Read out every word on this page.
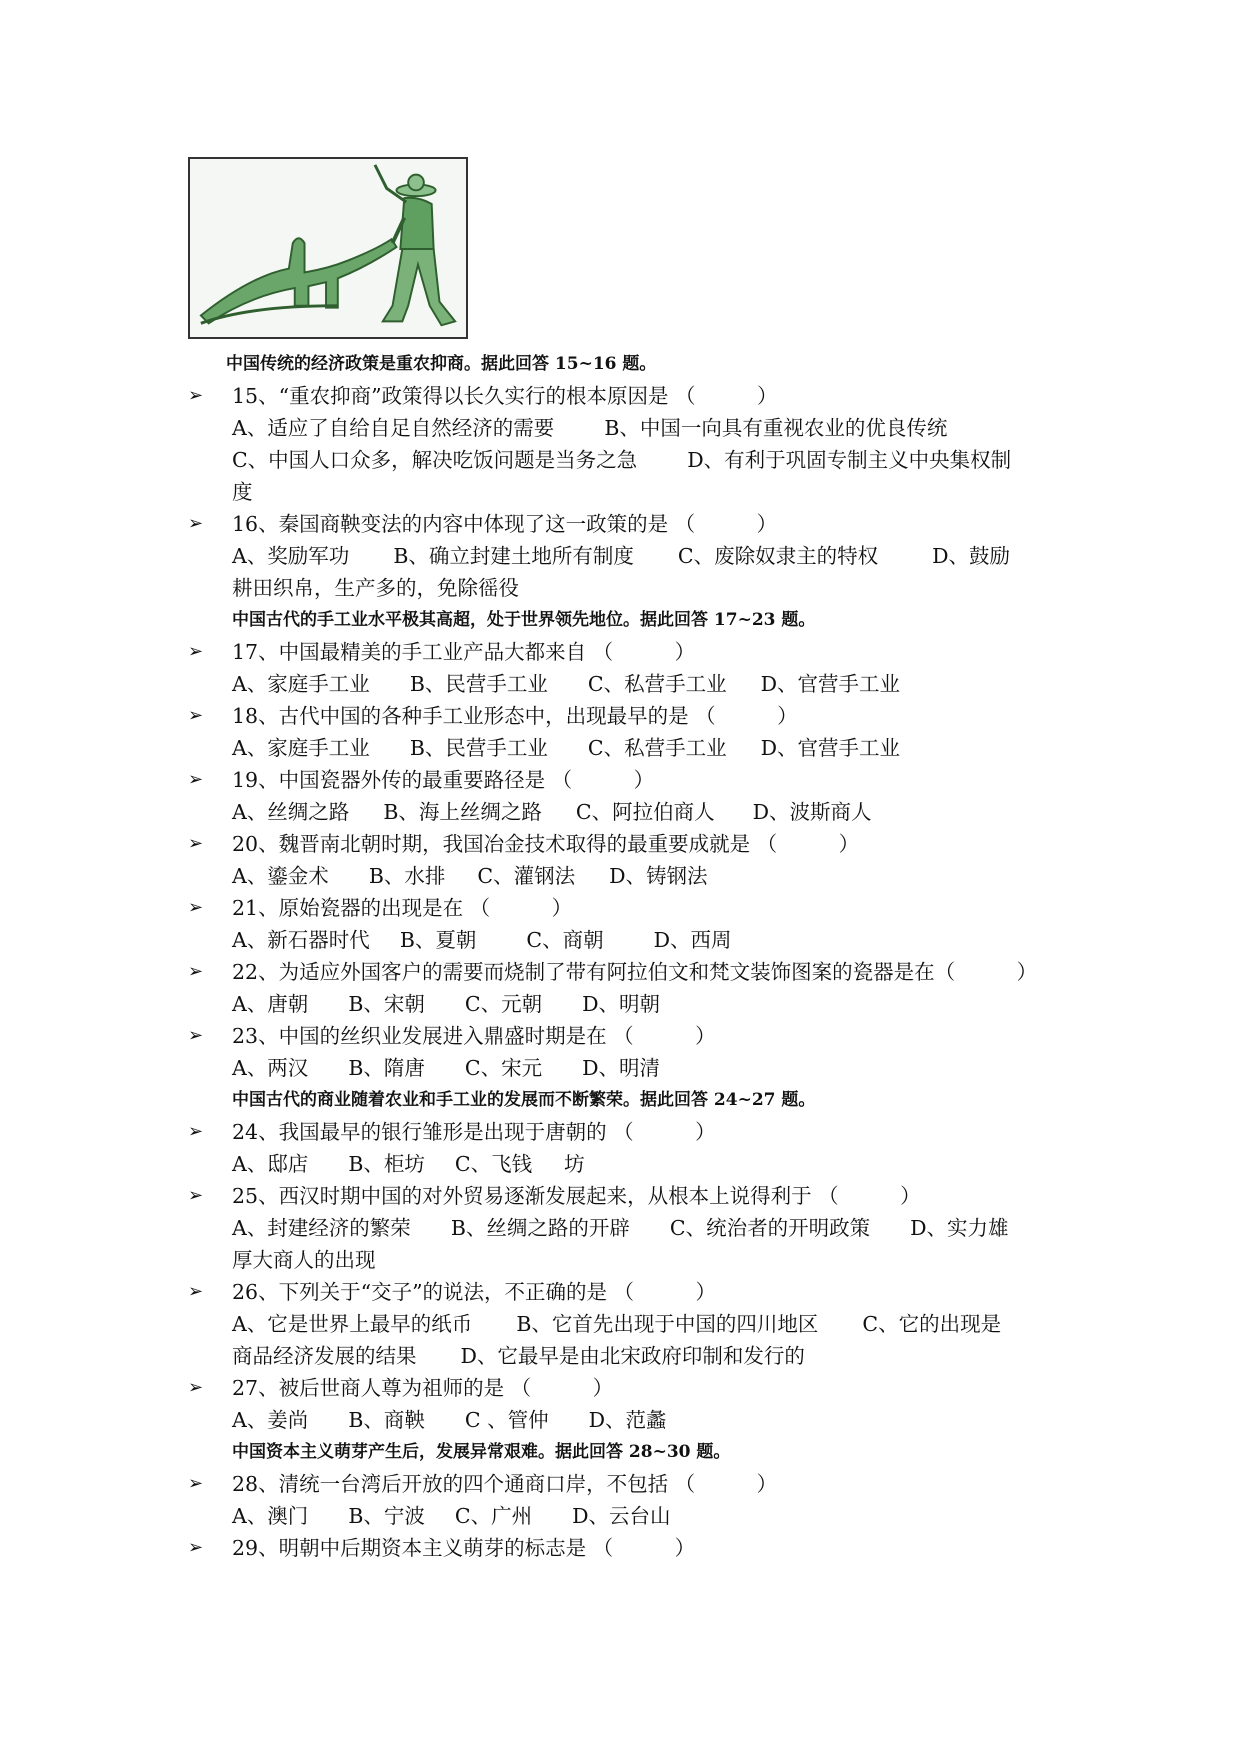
中国传统的经济政策是重农抑商。据此回答 15~16 题。
➢ 15、“重农抑商”政策得以长久实行的根本原因是 （　　　）
A、适应了自给自足自然经济的需要 B、中国一向具有重视农业的优良传统
C、中国人口众多，解决吃饭问题是当务之急 D、有利于巩固专制主义中央集权制
度
➢ 16、秦国商鞅变法的内容中体现了这一政策的是 （　　　）
A、奖励军功 B、确立封建土地所有制度 C、废除奴隶主的特权	D、鼓励
耕田织帛，生产多的，免除徭役
中国古代的手工业水平极其高超，处于世界领先地位。据此回答 17~23 题。
➢ 17、中国最精美的手工业产品大都来自 （　　　）
A、家庭手工业 B、民营手工业 C、私营手工业 D、官营手工业
➢ 18、古代中国的各种手工业形态中，出现最早的是 （　　　）
A、家庭手工业 B、民营手工业 C、私营手工业 D、官营手工业
➢ 19、中国瓷器外传的最重要路径是 （　　　）
A、丝绸之路 B、海上丝绸之路 C、阿拉伯商人 D、波斯商人
➢ 20、魏晋南北朝时期，我国冶金技术取得的最重要成就是 （　　　）
A、鎏金术 B、水排 C、灌钢法 D、铸钢法
➢ 21、原始瓷器的出现是在 （　　　）
A、新石器时代 B、夏朝 C、商朝 D、西周
➢ 22、为适应外国客户的需要而烧制了带有阿拉伯文和梵文装饰图案的瓷器是在（　　　）
A、唐朝 B、宋朝 C、元朝 D、明朝
➢ 23、中国的丝织业发展进入鼎盛时期是在 （　　　）
A、两汉 B、隋唐 C、宋元 D、明清
中国古代的商业随着农业和手工业的发展而不断繁荣。据此回答 24~27 题。
➢ 24、我国最早的银行雏形是出现于唐朝的 （　　　）
A、邸店 B、柜坊 C、飞钱 坊
➢ 25、西汉时期中国的对外贸易逐渐发展起来，从根本上说得利于 （　　　）
A、封建经济的繁荣 B、丝绸之路的开辟 C、统治者的开明政策 D、实力雄
厚大商人的出现
➢ 26、下列关于“交子”的说法，不正确的是 （　　　）
A、它是世界上最早的纸币 B、它首先出现于中国的四川地区 C、它的出现是
商品经济发展的结果 D、它最早是由北宋政府印制和发行的
➢ 27、被后世商人尊为祖师的是 （　　　）
A、姜尚 B、商鞅 C 、管仲 D、范蠡
中国资本主义萌芽产生后，发展异常艰难。据此回答 28~30 题。
➢ 28、清统一台湾后开放的四个通商口岸，不包括 （　　　）
A、澳门 B、宁波 C、广州 D、云台山
➢ 29、明朝中后期资本主义萌芽的标志是 （　　　）
